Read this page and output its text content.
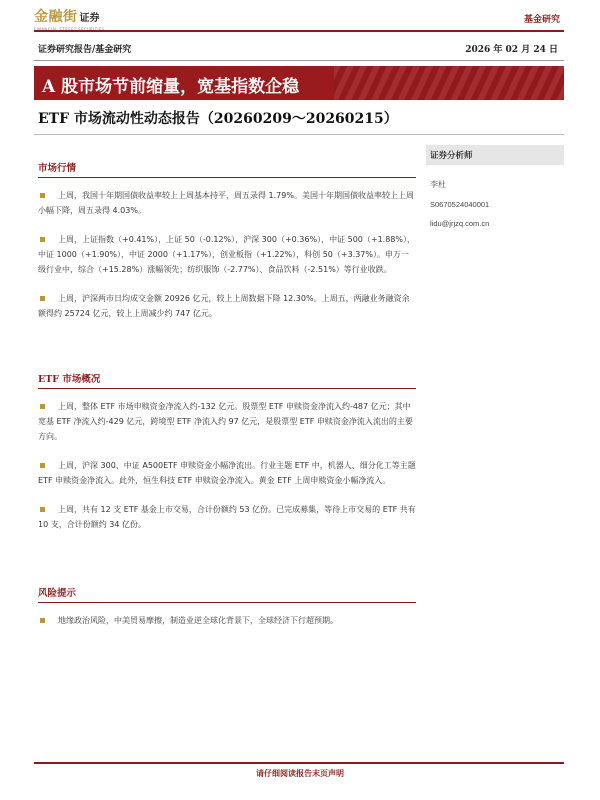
金融街 证券	基金研究
证券研究报告/基金研究	2026 年 02 月 24 日
A 股市场节前缩量，宽基指数企稳
ETF 市场流动性动态报告（20260209～20260215）
市场行情
上周，我国十年期国债收益率较上上周基本持平，周五录得 1.79%。美国十年期国债收益率较上上周小幅下降，周五录得 4.03%。
上周，上证指数（+0.41%），上证 50（-0.12%），沪深 300（+0.36%），中证 500（+1.88%），中证 1000（+1.90%），中证 2000（+1.17%），创业板指（+1.22%），科创 50（+3.37%）。申万一级行业中，综合（+15.28%）涨幅领先；纺织服饰（-2.77%）、食品饮料（-2.51%）等行业收跌。
上周，沪深两市日均成交金额 20926 亿元，较上上周数据下降 12.30%。上周五，两融业务融资余额得约 25724 亿元，较上上周减少约 747 亿元。
ETF 市场概况
上周，整体 ETF 市场申赎资金净流入约-132 亿元。股票型 ETF 申赎资金净流入约-487 亿元；其中宽基 ETF 净流入约-429 亿元，跨境型 ETF 净流入约 97 亿元，是股票型 ETF 申赎资金净流入流出的主要方向。
上周，沪深 300、中证 A500ETF 申赎资金小幅净流出。行业主题 ETF 中，机器人、细分化工等主题 ETF 申赎资金净流入。此外，恒生科技 ETF 申赎资金净流入。黄金 ETF 上周申赎资金小幅净流入。
上周，共有 12 支 ETF 基金上市交易，合计份额约 53 亿份。已完成募集，等待上市交易的 ETF 共有 10 支，合计份额约 34 亿份。
风险提示
地缘政治风险，中美贸易摩擦，制造业逆全球化背景下，全球经济下行超预期。
证券分析师
李杜
S0670524040001
lidu@jrjzq.com.cn
请仔细阅读报告末页声明
